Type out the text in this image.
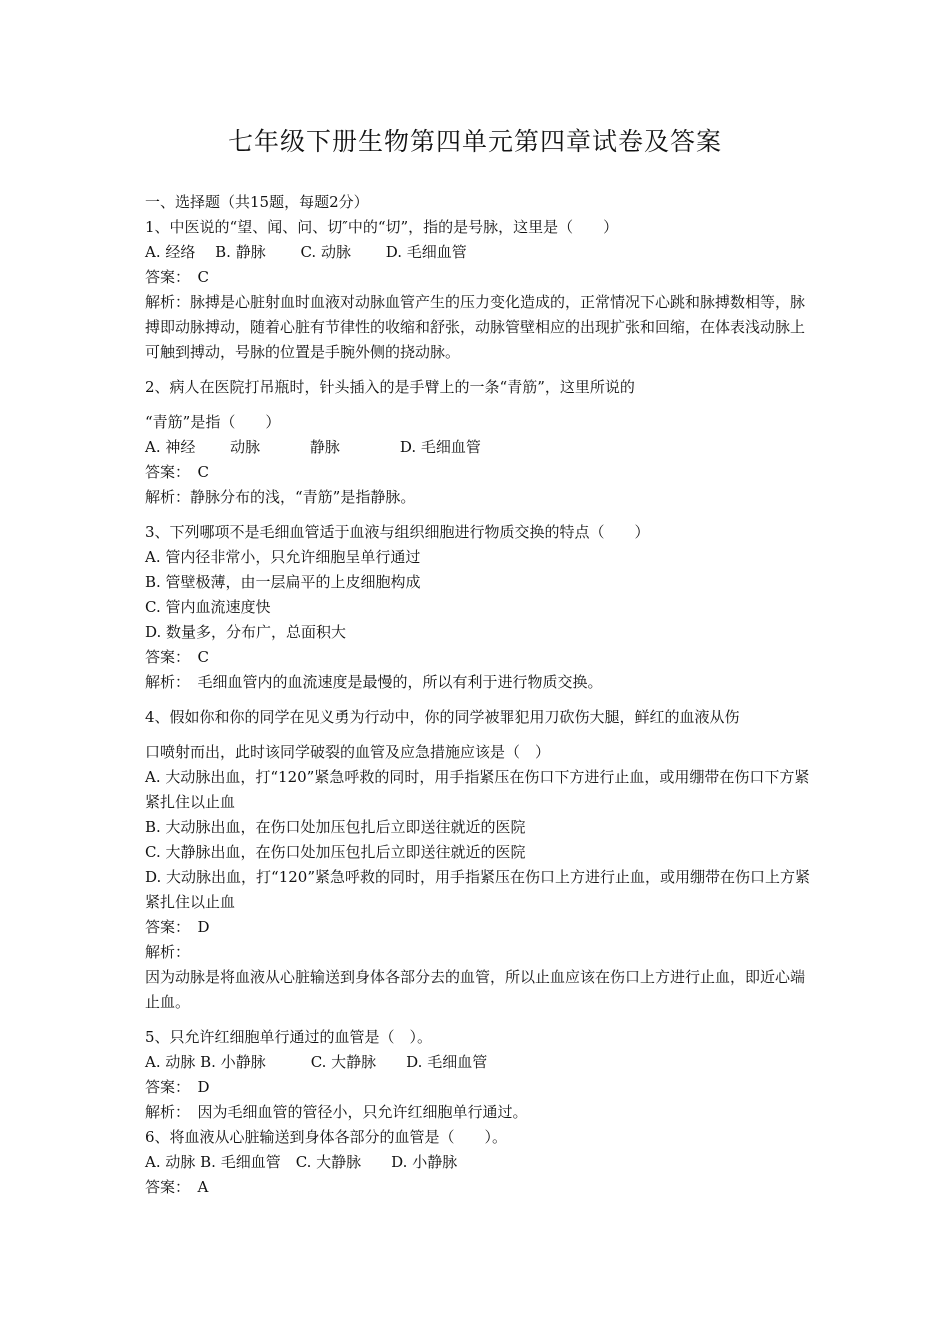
七年级下册生物第四单元第四章试卷及答案
一、选择题（共15题，每题2分）
1、中医说的“望、闻、问、切″中的“切”，指的是号脉，这里是（　　）
A. 经络　 B. 静脉　　 C. 动脉　　 D. 毛细血管
答案：　C
解析：脉搏是心脏射血时血液对动脉血管产生的压力变化造成的，正常情况下心跳和脉搏数相等，脉搏即动脉搏动，随着心脏有节律性的收缩和舒张，动脉管壁相应的出现扩张和回缩，在体表浅动脉上可触到搏动，号脉的位置是手腕外侧的挠动脉。
2、病人在医院打吊瓶时，针头插入的是手臂上的一条“青筋”，这里所说的
“青筋”是指（　　）
A. 神经　　 动脉　　　 静脉　　　　D. 毛细血管
答案：　C
解析：静脉分布的浅，“青筋”是指静脉。
3、下列哪项不是毛细血管适于血液与组织细胞进行物质交换的特点（　　）
A. 管内径非常小，只允许细胞呈单行通过
B. 管壁极薄，由一层扁平的上皮细胞构成
C. 管内血流速度快
D. 数量多，分布广，总面积大
答案：　C
解析：　毛细血管内的血流速度是最慢的，所以有利于进行物质交换。
4、假如你和你的同学在见义勇为行动中，你的同学被罪犯用刀砍伤大腿，鲜红的血液从伤
口喷射而出，此时该同学破裂的血管及应急措施应该是（　）
A. 大动脉出血，打“120”紧急呼救的同时，用手指紧压在伤口下方进行止血，或用绷带在伤口下方紧紧扎住以止血
B. 大动脉出血，在伤口处加压包扎后立即送往就近的医院
C. 大静脉出血，在伤口处加压包扎后立即送往就近的医院
D. 大动脉出血，打“120”紧急呼救的同时，用手指紧压在伤口上方进行止血，或用绷带在伤口上方紧紧扎住以止血
答案：　D
解析：
因为动脉是将血液从心脏输送到身体各部分去的血管，所以止血应该在伤口上方进行止血，即近心端止血。
5、只允许红细胞单行通过的血管是（　）。
A. 动脉 B. 小静脉　　　C. 大静脉　　D. 毛细血管
答案：　D
解析：　因为毛细血管的管径小，只允许红细胞单行通过。
6、将血液从心脏输送到身体各部分的血管是（　　）。
A. 动脉 B. 毛细血管　C. 大静脉　　D. 小静脉
答案：　A
